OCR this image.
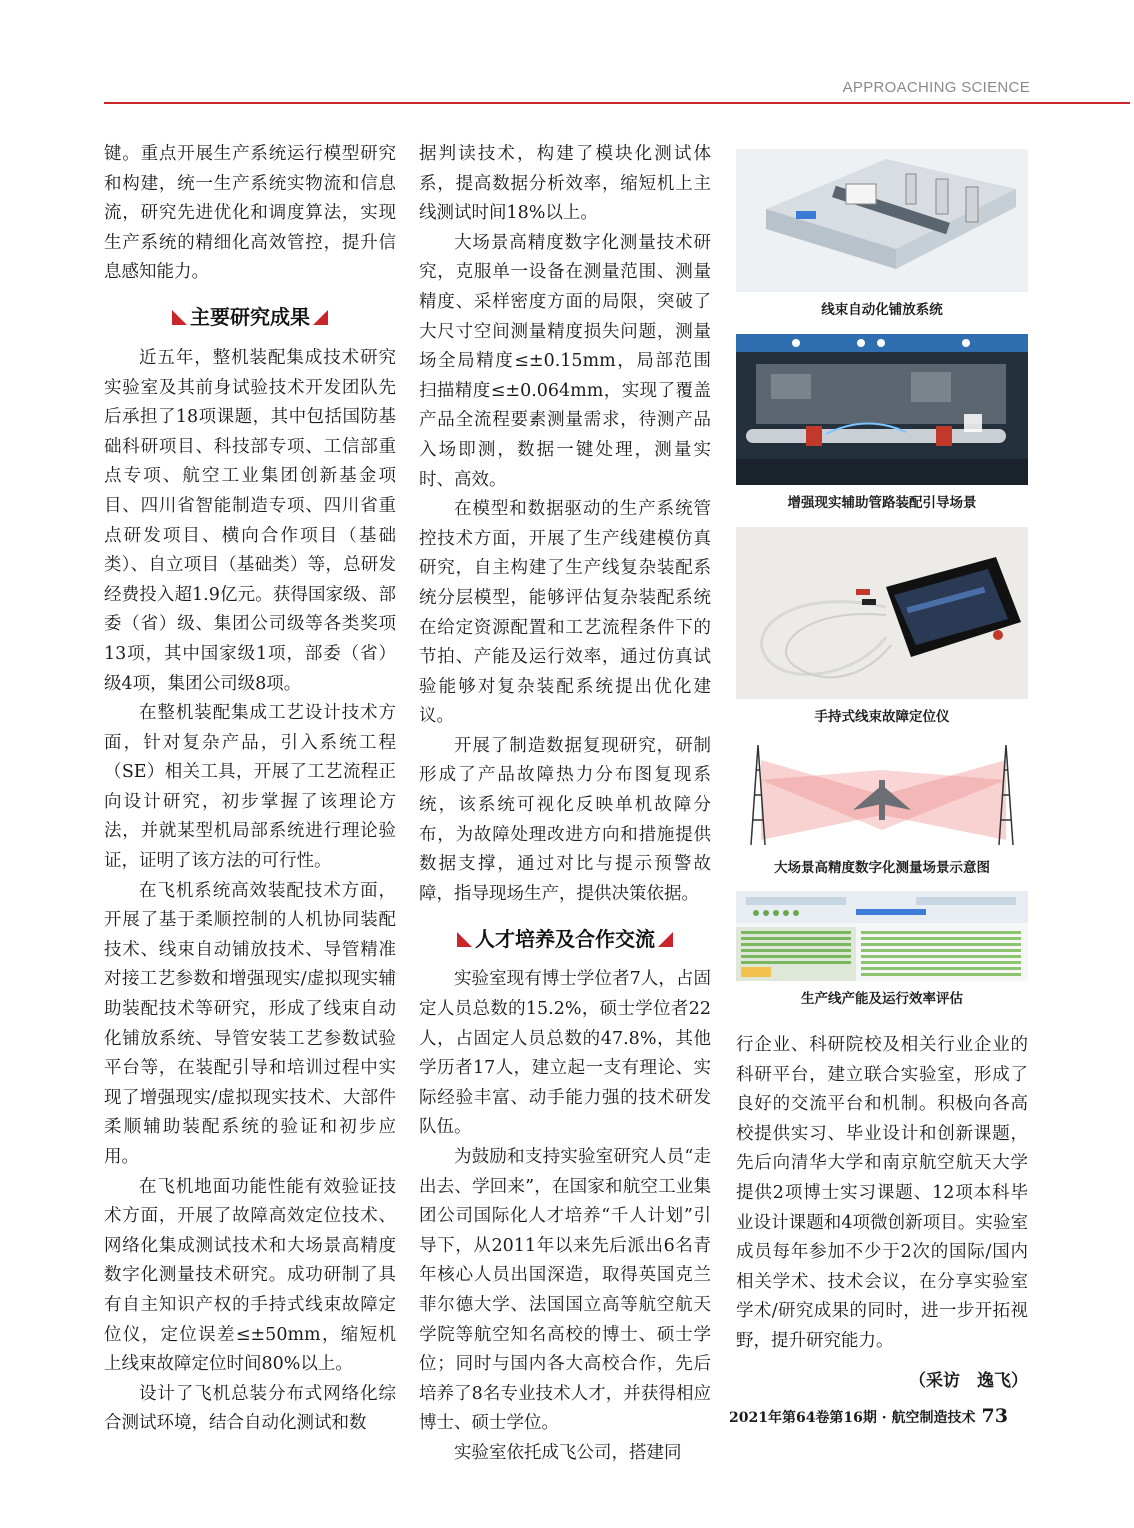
APPROACHING SCIENCE

键。重点开展生产系统运行模型研究和构建，统一生产系统实物流和信息流，研究先进优化和调度算法，实现生产系统的精细化高效管控，提升信息感知能力。

主要研究成果

近五年，整机装配集成技术研究实验室及其前身试验技术开发团队先后承担了18项课题，其中包括国防基础科研项目、科技部专项、工信部重点专项、航空工业集团创新基金项目、四川省智能制造专项、四川省重点研发项目、横向合作项目（基础类）、自立项目（基础类）等，总研发经费投入超1.9亿元。获得国家级、部委（省）级、集团公司级等各类奖项13项，其中国家级1项，部委（省）级4项，集团公司级8项。

在整机装配集成工艺设计技术方面，针对复杂产品，引入系统工程（SE）相关工具，开展了工艺流程正向设计研究，初步掌握了该理论方法，并就某型机局部系统进行理论验证，证明了该方法的可行性。

在飞机系统高效装配技术方面，开展了基于柔顺控制的人机协同装配技术、线束自动铺放技术、导管精准对接工艺参数和增强现实/虚拟现实辅助装配技术等研究，形成了线束自动化铺放系统、导管安装工艺参数试验平台等，在装配引导和培训过程中实现了增强现实/虚拟现实技术、大部件柔顺辅助装配系统的验证和初步应用。

在飞机地面功能性能有效验证技术方面，开展了故障高效定位技术、网络化集成测试技术和大场景高精度数字化测量技术研究。成功研制了具有自主知识产权的手持式线束故障定位仪，定位误差≤±50mm，缩短机上线束故障定位时间80%以上。

设计了飞机总装分布式网络化综合测试环境，结合自动化测试和数

据判读技术，构建了模块化测试体系，提高数据分析效率，缩短机上主线测试时间18%以上。

大场景高精度数字化测量技术研究，克服单一设备在测量范围、测量精度、采样密度方面的局限，突破了大尺寸空间测量精度损失问题，测量场全局精度≤±0.15mm，局部范围扫描精度≤±0.064mm，实现了覆盖产品全流程要素测量需求，待测产品入场即测，数据一键处理，测量实时、高效。

在模型和数据驱动的生产系统管控技术方面，开展了生产线建模仿真研究，自主构建了生产线复杂装配系统分层模型，能够评估复杂装配系统在给定资源配置和工艺流程条件下的节拍、产能及运行效率，通过仿真试验能够对复杂装配系统提出优化建议。

开展了制造数据复现研究，研制形成了产品故障热力分布图复现系统，该系统可视化反映单机故障分布，为故障处理改进方向和措施提供数据支撑，通过对比与提示预警故障，指导现场生产，提供决策依据。

人才培养及合作交流

实验室现有博士学位者7人，占固定人员总数的15.2%，硕士学位者22人，占固定人员总数的47.8%，其他学历者17人，建立起一支有理论、实际经验丰富、动手能力强的技术研发队伍。

为鼓励和支持实验室研究人员“走出去、学回来”，在国家和航空工业集团公司国际化人才培养“千人计划”引导下，从2011年以来先后派出6名青年核心人员出国深造，取得英国克兰菲尔德大学、法国国立高等航空航天学院等航空知名高校的博士、硕士学位；同时与国内各大高校合作，先后培养了8名专业技术人才，并获得相应博士、硕士学位。

实验室依托成飞公司，搭建同

线束自动化铺放系统
增强现实辅助管路装配引导场景
手持式线束故障定位仪
大场景高精度数字化测量场景示意图
生产线产能及运行效率评估

行企业、科研院校及相关行业企业的科研平台，建立联合实验室，形成了良好的交流平台和机制。积极向各高校提供实习、毕业设计和创新课题，先后向清华大学和南京航空航天大学提供2项博士实习课题、12项本科毕业设计课题和4项微创新项目。实验室成员每年参加不少于2次的国际/国内相关学术、技术会议，在分享实验室学术/研究成果的同时，进一步开拓视野，提升研究能力。

（采访　逸飞）
2021年第64卷第16期 · 航空制造技术 73
